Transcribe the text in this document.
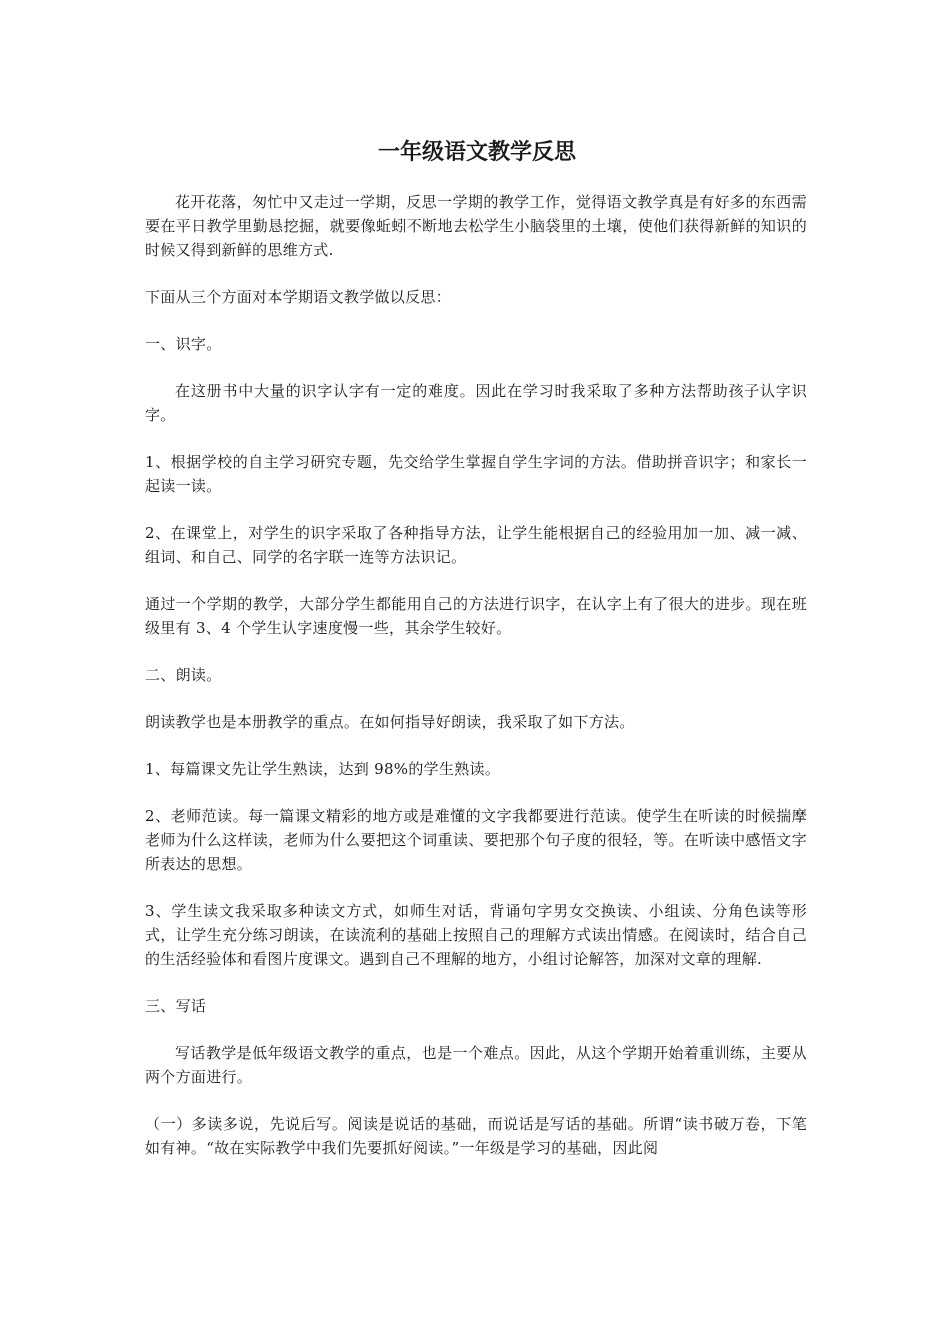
一年级语文教学反思

花开花落，匆忙中又走过一学期，反思一学期的教学工作，觉得语文教学真是有好多的东西需要在平日教学里勤恳挖掘，就要像蚯蚓不断地去松学生小脑袋里的土壤，使他们获得新鲜的知识的时候又得到新鲜的思维方式.

下面从三个方面对本学期语文教学做以反思：

一、识字。

在这册书中大量的识字认字有一定的难度。因此在学习时我采取了多种方法帮助孩子认字识字。

1、根据学校的自主学习研究专题，先交给学生掌握自学生字词的方法。借助拼音识字；和家长一起读一读。

2、在课堂上，对学生的识字采取了各种指导方法，让学生能根据自己的经验用加一加、减一减、组词、和自己、同学的名字联一连等方法识记。

通过一个学期的教学，大部分学生都能用自己的方法进行识字，在认字上有了很大的进步。现在班级里有 3、4 个学生认字速度慢一些，其余学生较好。

二、朗读。

朗读教学也是本册教学的重点。在如何指导好朗读，我采取了如下方法。

1、每篇课文先让学生熟读，达到 98%的学生熟读。

2、老师范读。每一篇课文精彩的地方或是难懂的文字我都要进行范读。使学生在听读的时候揣摩老师为什么这样读，老师为什么要把这个词重读、要把那个句子度的很轻，等。在听读中感悟文字所表达的思想。

3、学生读文我采取多种读文方式，如师生对话，背诵句字男女交换读、小组读、分角色读等形式，让学生充分练习朗读，在读流利的基础上按照自己的理解方式读出情感。在阅读时，结合自己的生活经验体和看图片度课文。遇到自己不理解的地方，小组讨论解答，加深对文章的理解.

三、写话

写话教学是低年级语文教学的重点，也是一个难点。因此，从这个学期开始着重训练，主要从两个方面进行。

（一）多读多说，先说后写。阅读是说话的基础，而说话是写话的基础。所谓“读书破万卷，下笔如有神。“故在实际教学中我们先要抓好阅读。”一年级是学习的基础，因此阅
